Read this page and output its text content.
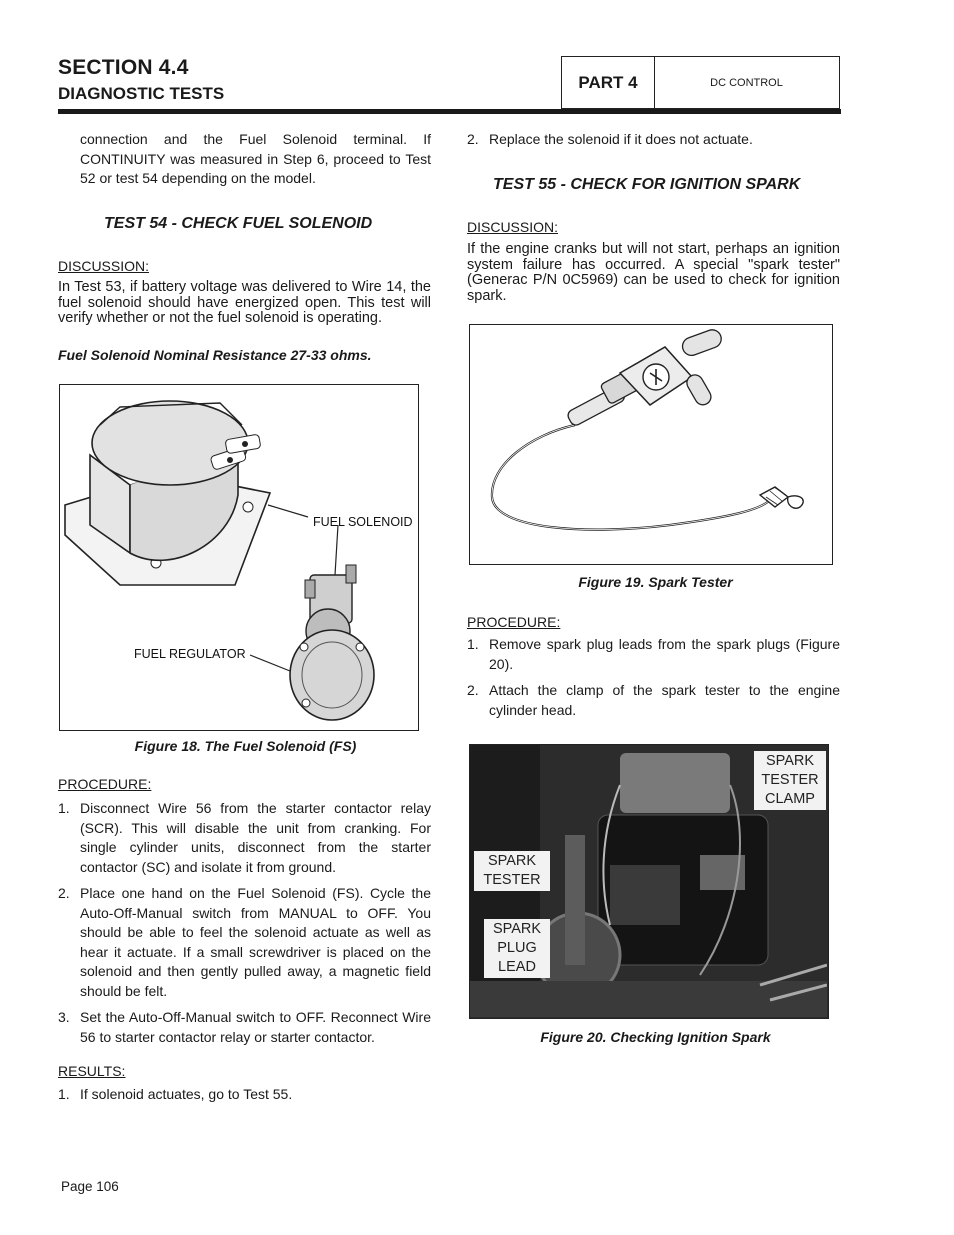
SECTION 4.4
DIAGNOSTIC TESTS
PART 4	DC CONTROL
connection and the Fuel Solenoid terminal. If CONTINUITY was measured in Step 6, proceed to Test 52 or test 54 depending on the model.
TEST 54 - CHECK FUEL SOLENOID
DISCUSSION:
In Test 53, if battery voltage was delivered to Wire 14, the fuel solenoid should have energized open. This test will verify whether or not the fuel solenoid is operating.
Fuel Solenoid Nominal Resistance 27-33 ohms.
FUEL SOLENOID
FUEL REGULATOR
Figure 18. The Fuel Solenoid (FS)
PROCEDURE:
1. Disconnect Wire 56 from the starter contactor relay (SCR). This will disable the unit from cranking. For single cylinder units, disconnect from the starter contactor (SC) and isolate it from ground.
2. Place one hand on the Fuel Solenoid (FS). Cycle the Auto-Off-Manual switch from MANUAL to OFF. You should be able to feel the solenoid actuate as well as hear it actuate. If a small screwdriver is placed on the solenoid and then gently pulled away, a magnetic field should be felt.
3. Set the Auto-Off-Manual switch to OFF. Reconnect Wire 56 to starter contactor relay or starter contactor.
RESULTS:
1. If solenoid actuates, go to Test 55.
2. Replace the solenoid if it does not actuate.
TEST 55 - CHECK FOR IGNITION SPARK
DISCUSSION:
If the engine cranks but will not start, perhaps an ignition system failure has occurred. A special "spark tester" (Generac P/N 0C5969) can be used to check for ignition spark.
Figure 19. Spark Tester
PROCEDURE:
1. Remove spark plug leads from the spark plugs (Figure 20).
2. Attach the clamp of the spark tester to the engine cylinder head.
SPARK
TESTER
CLAMP
SPARK
TESTER
SPARK
PLUG
LEAD
Figure 20. Checking Ignition Spark
Page 106
